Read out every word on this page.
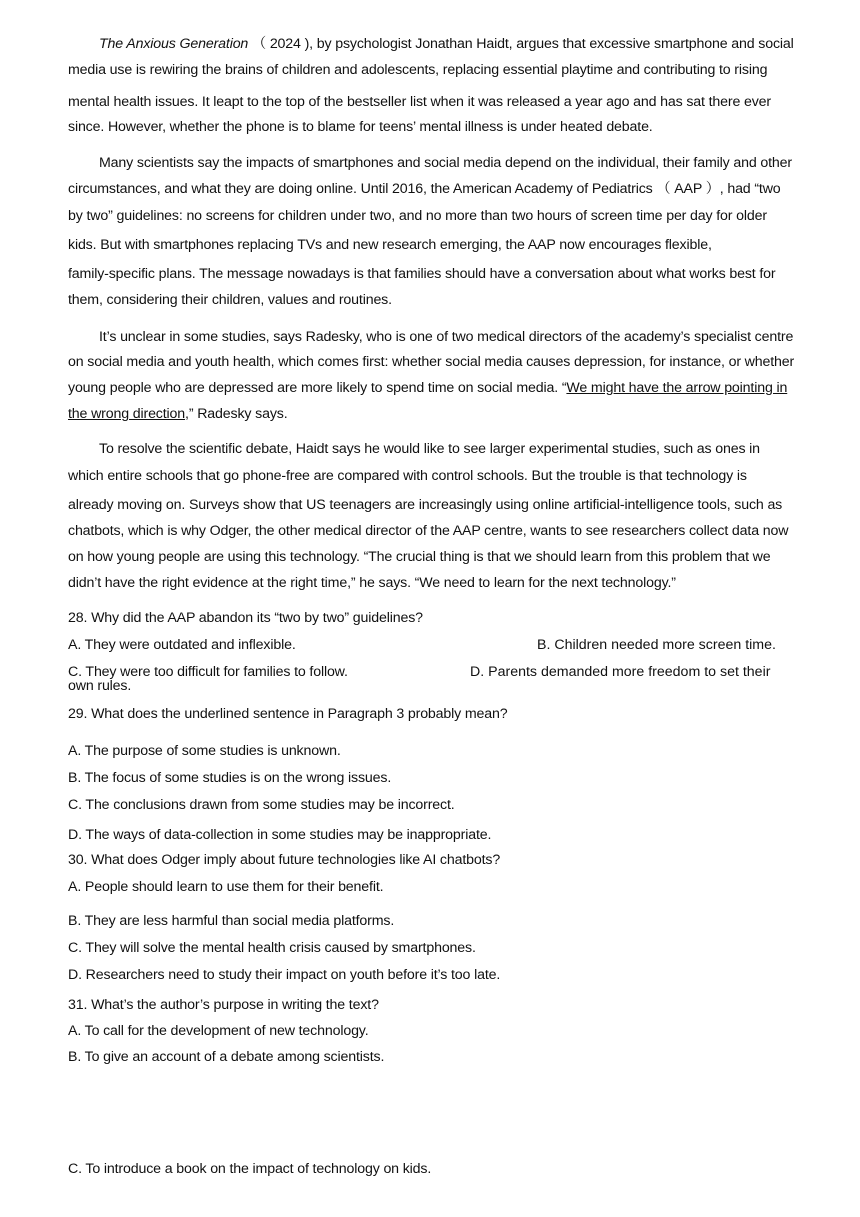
The Anxious Generation （ 2024 ), by psychologist Jonathan Haidt, argues that excessive smartphone and social
media use is rewiring the brains of children and adolescents, replacing essential playtime and contributing to rising
mental health issues. It leapt to the top of the bestseller list when it was released a year ago and has sat there ever
since. However, whether the phone is to blame for teens’ mental illness is under heated debate.
Many scientists say the impacts of smartphones and social media depend on the individual, their family and other
circumstances, and what they are doing online. Until 2016, the American Academy of Pediatrics （ AAP ）, had “two
by two” guidelines: no screens for children under two, and no more than two hours of screen time per day for older
kids. But with smartphones replacing TVs and new research emerging, the AAP now encourages flexible,
family-specific plans. The message nowadays is that families should have a conversation about what works best for
them, considering their children, values and routines.
It’s unclear in some studies, says Radesky, who is one of two medical directors of the academy’s specialist centre
on social media and youth health, which comes first: whether social media causes depression, for instance, or whether
young people who are depressed are more likely to spend time on social media. “We might have the arrow pointing in
the wrong direction,” Radesky says.
To resolve the scientific debate, Haidt says he would like to see larger experimental studies, such as ones in
which entire schools that go phone-free are compared with control schools. But the trouble is that technology is
already moving on. Surveys show that US teenagers are increasingly using online artificial-intelligence tools, such as
chatbots, which is why Odger, the other medical director of the AAP centre, wants to see researchers collect data now
on how young people are using this technology. “The crucial thing is that we should learn from this problem that we
didn’t have the right evidence at the right time,” he says. “We need to learn for the next technology.”
28. Why did the AAP abandon its “two by two” guidelines?
A. They were outdated and inflexible.	B. Children needed more screen time.
C. They were too difficult for families to follow.	D. Parents demanded more freedom to set their
own rules.
29. What does the underlined sentence in Paragraph 3 probably mean?
A. The purpose of some studies is unknown.
B. The focus of some studies is on the wrong issues.
C. The conclusions drawn from some studies may be incorrect.
D. The ways of data-collection in some studies may be inappropriate.
30. What does Odger imply about future technologies like AI chatbots?
A. People should learn to use them for their benefit.
B. They are less harmful than social media platforms.
C. They will solve the mental health crisis caused by smartphones.
D. Researchers need to study their impact on youth before it’s too late.
31. What’s the author’s purpose in writing the text?
A. To call for the development of new technology.
B. To give an account of a debate among scientists.
C. To introduce a book on the impact of technology on kids.
